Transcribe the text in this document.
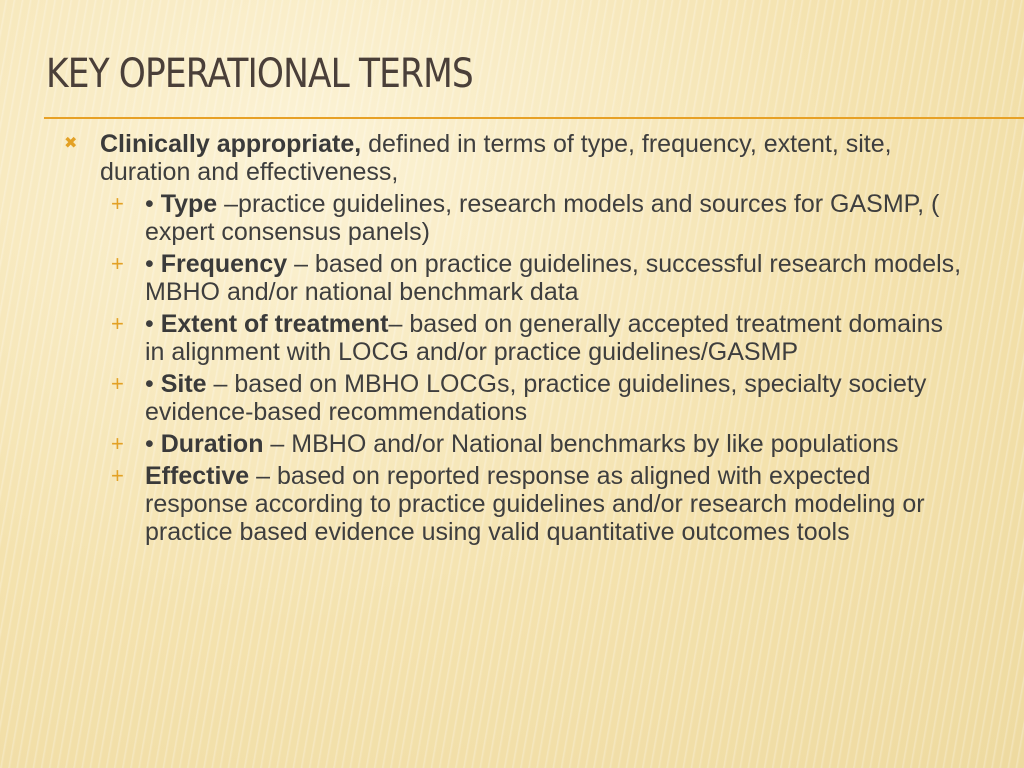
KEY OPERATIONAL TERMS
✖ Clinically appropriate, defined in terms of type, frequency, extent, site, duration and effectiveness,
+ • Type –practice guidelines, research models and sources for GASMP, ( expert consensus panels)
+ • Frequency – based on practice guidelines, successful research models, MBHO and/or national benchmark data
+ • Extent of treatment– based on generally accepted treatment domains in alignment with LOCG and/or practice guidelines/GASMP
+ • Site – based on MBHO LOCGs, practice guidelines, specialty society evidence-based recommendations
+ • Duration – MBHO and/or National benchmarks by like populations
+ Effective – based on reported response as aligned with expected response according to practice guidelines and/or research modeling or practice based evidence using valid quantitative outcomes tools
